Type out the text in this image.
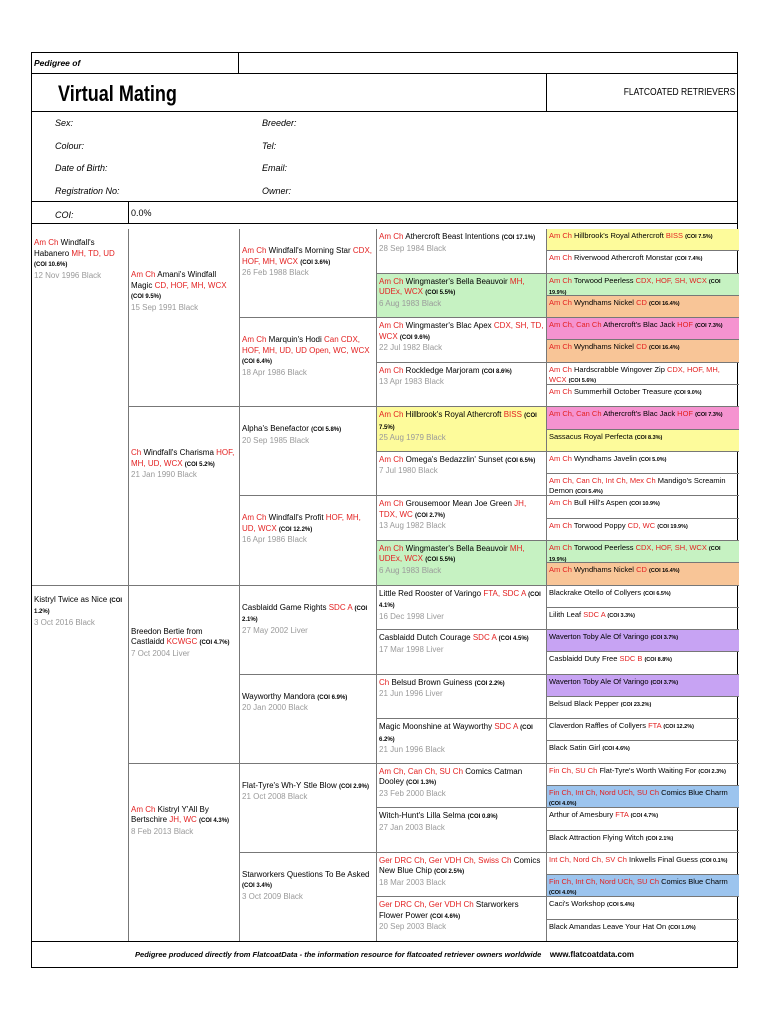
Pedigree of
Virtual Mating	FLATCOATED RETRIEVERS
Sex:
Colour:
Date of Birth:
Registration No:
Breeder:
Tel:
Email:
Owner:
COI:	0.0%
Am Ch Windfall's Habanero MH, TD, UD (COI 10.6%)
12 Nov 1996 Black
Kistryl Twice as Nice (COI 1.2%)
3 Oct 2016 Black
Am Ch Amani's Windfall Magic CD, HOF, MH, WCX (COI 9.5%)
15 Sep 1991 Black
Ch Windfall's Charisma HOF, MH, UD, WCX (COI 5.2%)
21 Jan 1990 Black
Breedon Bertie from Castlaidd KCWGC (COI 4.7%)
7 Oct 2004 Liver
Am Ch Kistryl Y'All By Bertschire JH, WC (COI 4.3%)
8 Feb 2013 Black
Am Ch Windfall's Morning Star CDX, HOF, MH, WCX (COI 3.6%)
26 Feb 1988 Black
Am Ch Marquin's Hodi Can CDX, HOF, MH, UD, UD Open, WC, WCX (COI 6.4%)
18 Apr 1986 Black
Alpha's Benefactor (COI 5.8%)
20 Sep 1985 Black
Am Ch Windfall's Profit HOF, MH, UD, WCX (COI 12.2%)
16 Apr 1986 Black
Casblaidd Game Rights SDC A (COI 2.1%)
27 May 2002 Liver
Wayworthy Mandora (COI 6.9%)
20 Jan 2000 Black
Flat-Tyre's Wh-Y Stle Blow (COI 2.9%)
21 Oct 2008 Black
Starworkers Questions To Be Asked (COI 3.4%)
3 Oct 2009 Black
Am Ch Athercroft Beast Intentions (COI 17.1%)
28 Sep 1984 Black
Am Ch Wingmaster's Bella Beauvoir MH, UDEx, WCX (COI 5.5%)
6 Aug 1983 Black
Am Ch Wingmaster's Blac Apex CDX, SH, TD, WCX (COI 9.6%)
22 Jul 1982 Black
Am Ch Rockledge Marjoram (COI 8.6%)
13 Apr 1983 Black
Am Ch Hillbrook's Royal Athercroft BISS (COI 7.5%)
25 Aug 1979 Black
Am Ch Omega's Bedazzlin' Sunset (COI 6.5%)
7 Jul 1980 Black
Am Ch Grousemoor Mean Joe Green JH, TDX, WC (COI 2.7%)
13 Aug 1982 Black
Am Ch Wingmaster's Bella Beauvoir MH, UDEx, WCX (COI 5.5%)
6 Aug 1983 Black
Little Red Rooster of Varingo FTA, SDC A (COI 4.1%)
16 Dec 1998 Liver
Casblaidd Dutch Courage SDC A (COI 4.5%)
17 Mar 1998 Liver
Ch Belsud Brown Guiness (COI 2.2%)
21 Jun 1996 Liver
Magic Moonshine at Wayworthy SDC A (COI 6.2%)
21 Jun 1996 Black
Am Ch, Can Ch, SU Ch Comics Catman Dooley (COI 1.3%)
23 Feb 2000 Black
Witch-Hunt's Lilla Selma (COI 0.8%)
27 Jan 2003 Black
Ger DRC Ch, Ger VDH Ch, Swiss Ch Comics New Blue Chip (COI 2.5%)
18 Mar 2003 Black
Ger DRC Ch, Ger VDH Ch Starworkers Flower Power (COI 4.6%)
20 Sep 2003 Black
Am Ch Hillbrook's Royal Athercroft BISS (COI 7.5%)
Am Ch Riverwood Athercroft Monstar (COI 7.4%)
Am Ch Torwood Peerless CDX, HOF, SH, WCX (COI 19.9%)
Am Ch Wyndhams Nickel CD (COI 16.4%)
Am Ch, Can Ch Athercroft's Blac Jack HOF (COI 7.3%)
Am Ch Wyndhams Nickel CD (COI 16.4%)
Am Ch Hardscrabble Wingover Zip CDX, HOF, MH, WCX (COI 5.6%)
Am Ch Summerhill October Treasure (COI 9.0%)
Am Ch, Can Ch Athercroft's Blac Jack HOF (COI 7.3%)
Sassacus Royal Perfecta (COI 8.3%)
Am Ch Wyndhams Javelin (COI 5.0%)
Am Ch, Can Ch, Int Ch, Mex Ch Mandigo's Screamin Demon (COI 5.4%)
Am Ch Bull Hill's Aspen (COI 10.9%)
Am Ch Torwood Poppy CD, WC (COI 19.9%)
Am Ch Torwood Peerless CDX, HOF, SH, WCX (COI 19.9%)
Am Ch Wyndhams Nickel CD (COI 16.4%)
Blackrake Otello of Collyers (COI 6.5%)
Lilith Leaf SDC A (COI 3.3%)
Waverton Toby Ale Of Varingo (COI 3.7%)
Casblaidd Duty Free SDC B (COI 8.8%)
Waverton Toby Ale Of Varingo (COI 3.7%)
Belsud Black Pepper (COI 23.2%)
Claverdon Raffles of Collyers FTA (COI 12.2%)
Black Satin Girl (COI 4.6%)
Fin Ch, SU Ch Flat-Tyre's Worth Waiting For (COI 2.3%)
Fin Ch, Int Ch, Nord UCh, SU Ch Comics Blue Charm (COI 4.0%)
Arthur of Amesbury FTA (COI 4.7%)
Black Attraction Flying Witch (COI 2.1%)
Int Ch, Nord Ch, SV Ch Inkwells Final Guess (COI 0.1%)
Fin Ch, Int Ch, Nord UCh, SU Ch Comics Blue Charm (COI 4.0%)
Caci's Workshop (COI 5.4%)
Black Amandas Leave Your Hat On (COI 1.0%)
Pedigree produced directly from FlatcoatData - the information resource for flatcoated retriever owners worldwide www.flatcoatdata.com
